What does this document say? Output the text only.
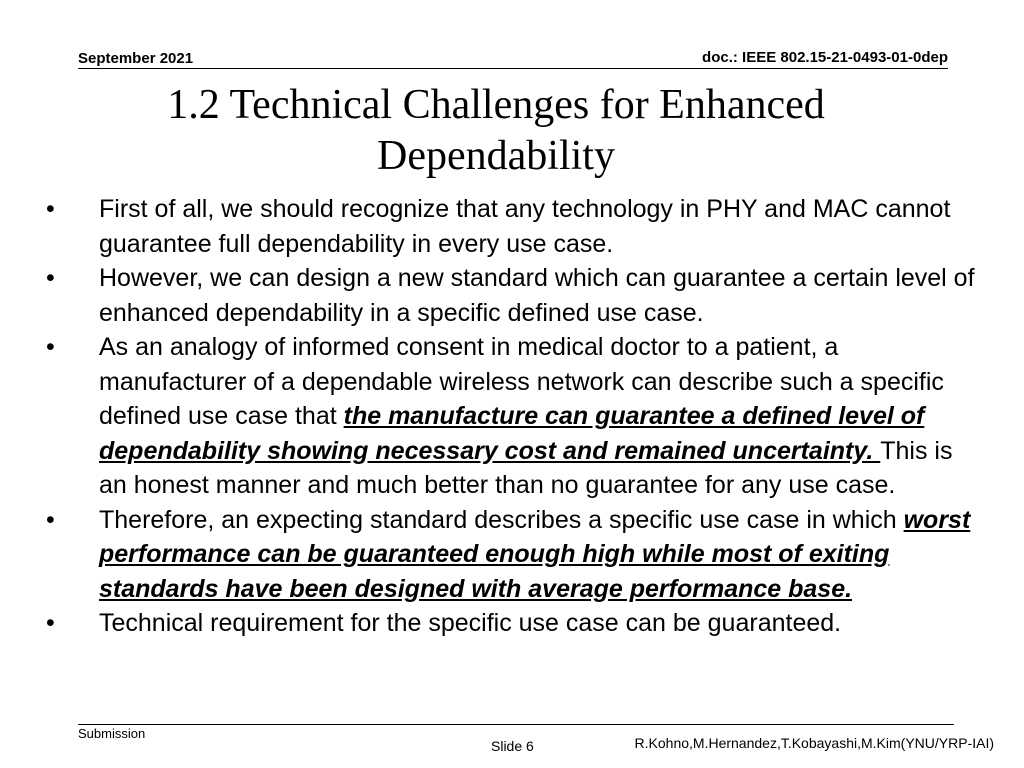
September 2021	doc.: IEEE 802.15-21-0493-01-0dep
1.2 Technical Challenges for Enhanced
Dependability
•	First of all, we should recognize that any technology in PHY and MAC cannot guarantee full dependability in every use case.
•	However, we can design a new standard which can guarantee a certain level of enhanced dependability in a specific defined use case.
•	As an analogy of informed consent in medical doctor to a patient, a manufacturer of a dependable wireless network can describe such a specific defined use case that the manufacture can guarantee a defined level of dependability showing necessary cost and remained uncertainty. This is an honest manner and much better than no guarantee for any use case.
•	Therefore, an expecting standard describes a specific use case in which worst performance can be guaranteed enough high while most of exiting standards have been designed with average performance base.
•	Technical requirement for the specific use case can be guaranteed.
Submission
Slide 6	R.Kohno,M.Hernandez,T.Kobayashi,M.Kim(YNU/YRP-IAI)
